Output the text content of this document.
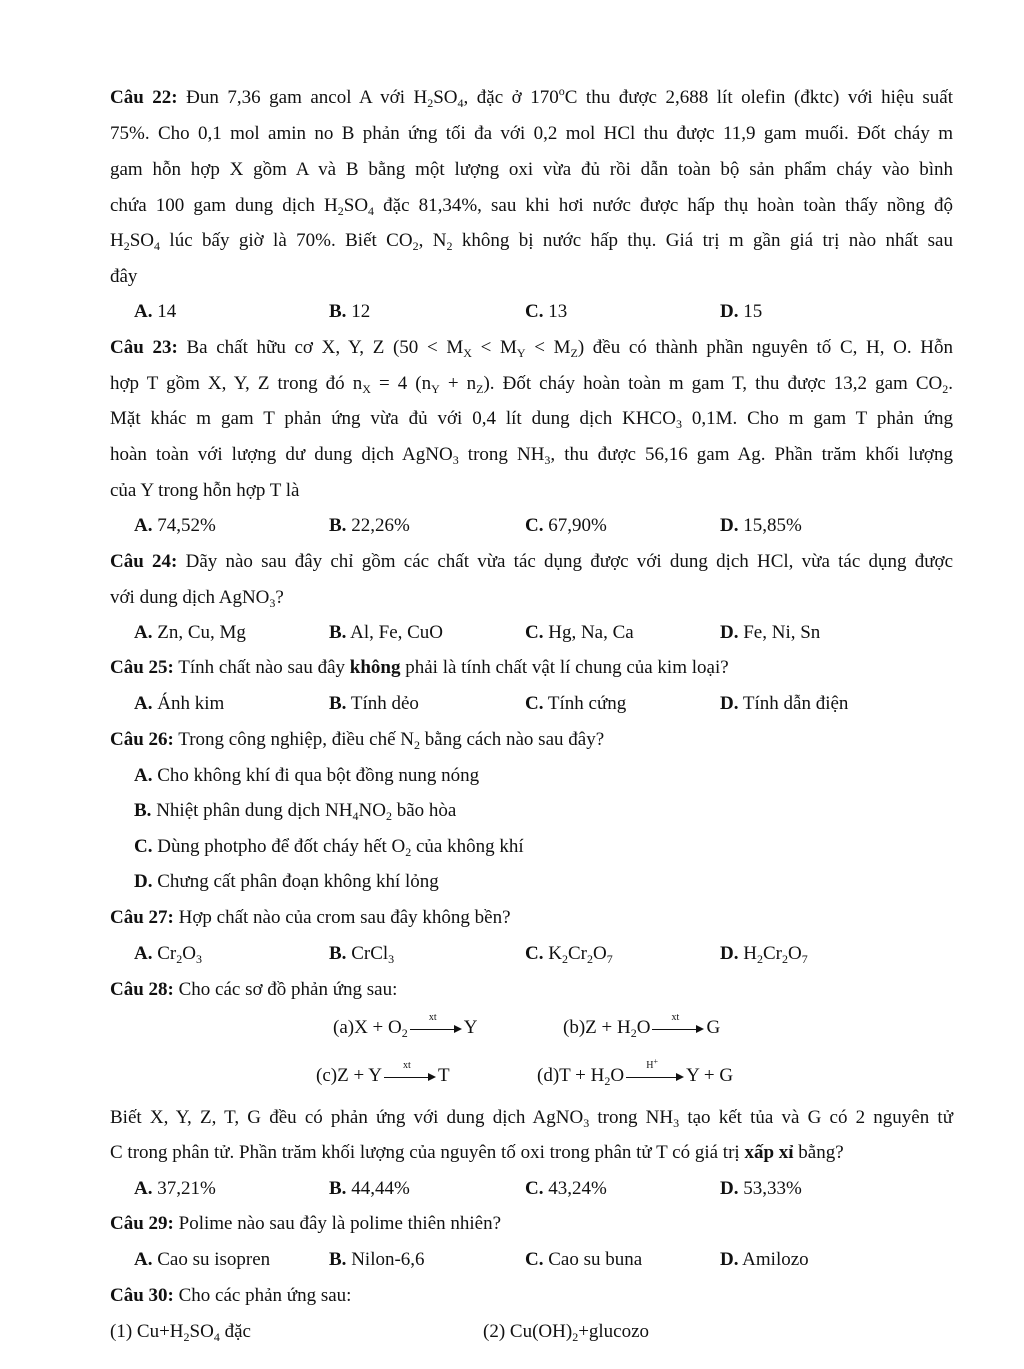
Câu 22: Đun 7,36 gam ancol A với $H_2SO_4$, đặc ở 170$^o$C thu được 2,688 lít olefin (đktc) với hiệu suất
75%. Cho 0,1 mol amin no B phản ứng tối đa với 0,2 mol HCl thu được 11,9 gam muối. Đốt cháy m
gam hỗn hợp X gồm A và B bằng một lượng oxi vừa đủ rồi dẫn toàn bộ sản phẩm cháy vào bình
chứa 100 gam dung dịch $H_2SO_4$ đặc 81,34%, sau khi hơi nước được hấp thụ hoàn toàn thấy nồng độ
$H_2SO_4$ lúc bấy giờ là 70%. Biết $CO_2$, $N_2$ không bị nước hấp thụ. Giá trị m gần giá trị nào nhất sau
đây
A. 14	B. 12	C. 13	D. 15
Câu 23: Ba chất hữu cơ X, Y, Z $(50 < M_X < M_Y < M_Z)$ đều có thành phần nguyên tố C, H, O. Hỗn
hợp T gồm X, Y, Z trong đó $n_X = 4$ $(n_Y + n_Z)$. Đốt cháy hoàn toàn m gam T, thu được 13,2 gam $CO_2$.
Mặt khác m gam T phản ứng vừa đủ với 0,4 lít dung dịch $KHCO_3$ 0,1M. Cho m gam T phản ứng
hoàn toàn với lượng dư dung dịch AgNO$_3$ trong $NH_3$, thu được 56,16 gam Ag. Phần trăm khối lượng
của Y trong hỗn hợp T là
A. 74,52%	B. 22,26%	C. 67,90%	D. 15,85%
Câu 24: Dãy nào sau đây chỉ gồm các chất vừa tác dụng được với dung dịch HCl, vừa tác dụng được
với dung dịch AgNO$_3$?
A. Zn, Cu, Mg	B. Al, Fe, CuO	C. Hg, Na, Ca	D. Fe, Ni, Sn
Câu 25: Tính chất nào sau đây không phải là tính chất vật lí chung của kim loại?
A. Ánh kim	B. Tính dẻo	C. Tính cứng	D. Tính dẫn điện
Câu 26: Trong công nghiệp, điều chế $N_2$ bằng cách nào sau đây?
A. Cho không khí đi qua bột đồng nung nóng
B. Nhiệt phân dung dịch $NH_4NO_2$ bão hòa
C. Dùng photpho để đốt cháy hết $O_2$ của không khí
D. Chưng cất phân đoạn không khí lỏng
Câu 27: Hợp chất nào của crom sau đây không bền?
A. $Cr_2O_3$	B. CrCl$_3$	C. $K_2Cr_2O_7$	D. $H_2Cr_2O_7$
Câu 28: Cho các sơ đồ phản ứng sau:
$(a)X + O_2$
xt	Y	$(b)Z + H_2O$	xt	G
(c)Z + Y	xt	T	$(d)T + H_2O$	H+
Y + G
Biết X, Y, Z, T, G đều có phản ứng với dung dịch AgNO$_3$ trong $NH_3$ tạo kết tủa và G có 2 nguyên tử
C trong phân tử. Phần trăm khối lượng của nguyên tố oxi trong phân tử T có giá trị xấp xỉ bằng?
A. 37,21%	B. 44,44%	C. 43,24%	D. 53,33%
Câu 29: Polime nào sau đây là polime thiên nhiên?
A. Cao su isopren	B. Nilon-6,6	C. Cao su buna	D. Amilozo
Câu 30: Cho các phản ứng sau:
(1) $Cu+H_2SO_4$ đặc	(2) $Cu(OH)_2+glucozo$
